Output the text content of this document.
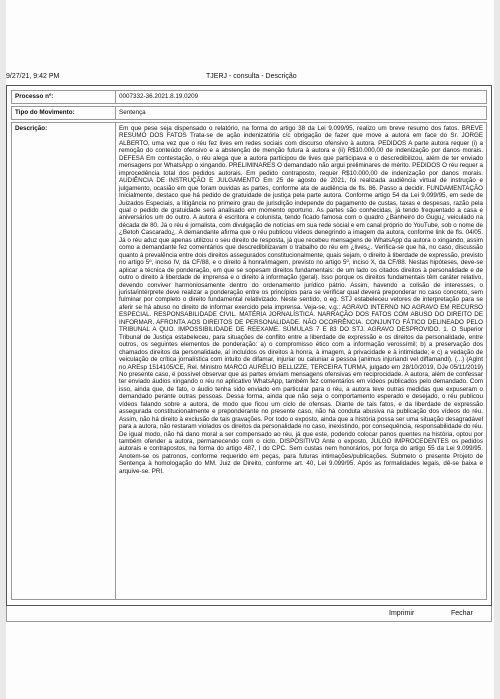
9/27/21, 9:42 PM	TJERJ - consulta - Descrição
Processo nº:	0007332-36.2021.8.19.0209
Tipo do Movimento:	Sentença
Descrição:	Em que pese seja dispensado o relatório, na forma do artigo 38 da Lei 9.099/95, realizo um breve resumo dos fatos. BREVE RESUMO DOS FATOS Trata-se de ação indenizatória c/c obrigação de fazer que move a autora em face do Sr. JORGE ALBERTO, uma vez que o réu fez lives em redes sociais com discurso ofensivo à autora. PEDIDOS A parte autora requer (i) a remoção do conteúdo ofensivo e a abstenção de menção futura à autora e (ii) R$10.000,00 de indenização por danos morais. DEFESA Em contestação, o réu alega que a autora participou de lives que participava e o descredibilizou, além de ter enviado mensagens por WhatsApp o xingando. PRELIMINARES O demandado não argui preliminares de mérito. PEDIDOS O réu requer a improcedência total dos pedidos autorais. Em pedido contraposto, requer R$10.000,00 de indenização por danos morais. AUDIÊNCIA DE INSTRUÇÃO E JULGAMENTO Em 25 de agosto de 2021, foi realizada audiência virtual de instrução e julgamento, ocasião em que foram ouvidas as partes, conforme ata de audiência de fls. 86. Passo a decidir. FUNDAMENTAÇÃO Inicialmente, destaco que há pedido de gratuidade de justiça pela parte autora. Conforme artigo 54 da Lei 9.099/95, em sede de Juizados Especiais, a litigância no primeiro grau de jurisdição independe do pagamento de custas, taxas e despesas, razão pela qual o pedido de gratuidade será analisado em momento oportuno. As partes são conhecidas, já tendo frequentado a casa e aniversários um do outro. A autora é escritora e colunista, tendo ficado famosa com o quadro ¿Banheiro do Gugu¿ veiculado na década de 80. Já o réu é jornalista, com divulgação de notícias em sua rede social e em canal próprio do YouTube, sob o nome de ¿Betoh Cascarado¿. A demandante afirma que o réu publicou vídeos denegrindo a imagem da autora, conforme link de fls. 04/05. Já o réu aduz que apenas utilizou o seu direito de resposta, já que recebeu mensagens de WhatsApp da autora o xingando, assim como a demandante fez comentários que descredibilizavam o trabalho do réu em ¿lives¿. Verifica-se que há, no caso, discussão quanto à prevalência entre dois direitos assegurados constitucionalmente, quais sejam, o direito à liberdade de expressão, previsto no artigo 5º, inciso IV, da CF/88, e o direito à honra/imagem, previsto no artigo 5º, inciso X, da CF/88. Nestas hipóteses, deve-se aplicar a técnica de ponderação, em que se sopesam direitos fundamentais: de um lado os citados direitos à personalidade e de outro o direito à liberdade de imprensa e o direito à informação (geral). Isso porque os direitos fundamentais têm caráter relativo, devendo conviver harmoniosamente dentro do ordenamento jurídico pátrio. Assim, havendo a colisão de interesses, o jurista/intérprete deve realizar a ponderação entre os princípios para se verificar qual deverá preponderar no caso concreto, sem fulminar por completo o direito fundamental relativizado. Neste sentido, o eg. STJ estabeleceu vetores de interpretação para se aferir se há abuso no direito de informar exercido pela imprensa. Veja-se, v.g.: AGRAVO INTERNO NO AGRAVO EM RECURSO ESPECIAL. RESPONSABILIDADE CIVIL. MATÉRIA JORNALÍSTICA. NARRAÇÃO DOS FATOS COM ABUSO DO DIREITO DE INFORMAR. AFRONTA AOS DIREITOS DE PERSONALIDADE. NÃO OCORRÊNCIA. CONJUNTO FÁTICO DELINEADO PELO TRIBUNAL A QUO. IMPOSSIBILIDADE DE REEXAME. SÚMULAS 7 E 83 DO STJ. AGRAVO DESPROVIDO. 1. O Superior Tribunal de Justiça estabeleceu, para situações de conflito entre a liberdade de expressão e os direitos da personalidade, entre outros, os seguintes elementos de ponderação: a) o compromisso ético com a informação verossímil; b) a preservação dos chamados direitos da personalidade, aí incluídos os direitos à honra, à imagem, à privacidade e à intimidade; e c) a vedação de veiculação de crítica jornalística com intuito de difamar, injuriar ou caluniar a pessoa (animus injuriandi vel diffamandi). (...) (AgInt no AREsp 1514105/CE, Rel. Ministro MARCO AURÉLIO BELLIZZE, TERCEIRA TURMA, julgado em 28/10/2019, DJe 05/11/2019) No presente caso, é possível observar que as partes enviam mensagens ofensivas em reciprocidade. A autora, além de confessar ter enviado áudios xingando o réu no aplicativo WhatsApp, também fez comentários em vídeos publicados pelo demandado. Com isso, ainda que, de fato, o áudio tenha sido enviado em particular para o réu, a autora teve outras medidas que expuseram o demandado perante outras pessoas. Dessa forma, ainda que não seja o comportamento esperado e desejado, o réu publicou vídeos falando sobre a autora, de modo que ficou um ciclo de ofensas. Diante de tais fatos, e da liberdade de expressão assegurada constitucionalmente e preponderante no presente caso, não há conduta abusiva na publicação dos vídeos do réu. Assim, não há direito à exclusão de tais gravações. Por todo o exposto, ainda que a história possa ser uma situação desagradável para a autora, não restaram violados os direitos da personalidade no caso, inexistindo, por consequência, responsabilidade do réu. De igual modo, não há dano moral a ser compensado ao réu, já que este, podendo colocar panos quentes na história, optou por também ofender a autora, permanecendo com o ciclo. DISPOSITIVO Ante o exposto, JULGO IMPROCEDENTES os pedidos autorais e contrapostos, na forma do artigo 487, I do CPC. Sem custas nem honorários, por força do artigo 55 da Lei 9.099/95. Anotem-se os patronos, conforme requerido em peças, para futuras intimações/publicações. Submeto o presente Projeto de Sentença à homologação do MM. Juiz de Direito, conforme art. 40, Lei 9.099/95. Após as formalidades legais, dê-se baixa e arquive-se. PRI.
Imprimir	Fechar
